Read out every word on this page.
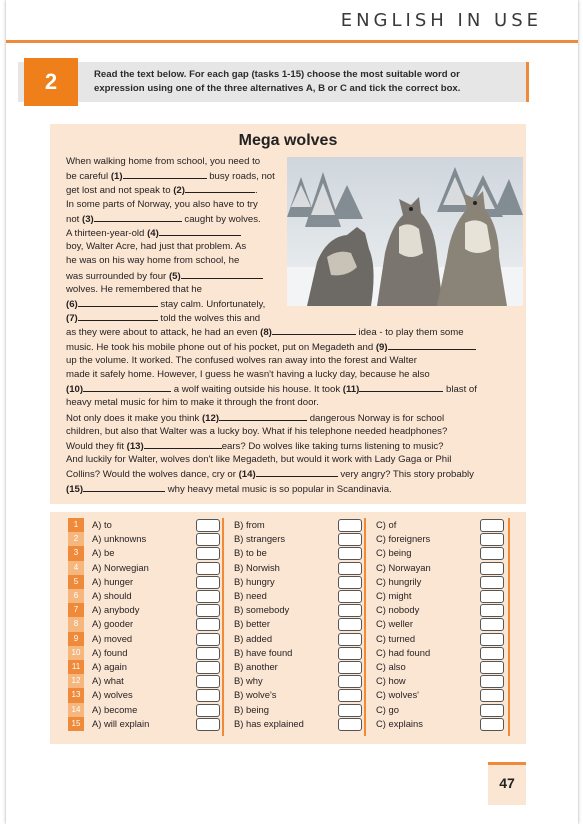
ENGLISH IN USE
2	Read the text below. For each gap (tasks 1-15) choose the most suitable word or
expression using one of the three alternatives A, B or C and tick the correct box.
Mega wolves
When walking home from school, you need to
be careful (1)	busy roads, not
get lost and not speak to (2)	.
In some parts of Norway, you also have to try
not (3)	caught by wolves.
A thirteen-year-old (4)
boy, Walter Acre, had just that problem. As
he was on his way home from school, he
was surrounded by four (5)
wolves. He remembered that he
(6)	stay calm. Unfortunately,
(7)	told the wolves this and
as they were about to attack, he had an even (8)	idea - to play them some
music. He took his mobile phone out of his pocket, put on Megadeth and (9)
up the volume. It worked. The confused wolves ran away into the forest and Walter
made it safely home. However, I guess he wasn't having a lucky day, because he also
(10)	a wolf waiting outside his house. It took (11)	blast of
heavy metal music for him to make it through the front door.
Not only does it make you think (12)	dangerous Norway is for school
children, but also that Walter was a lucky boy. What if his telephone needed headphones?
Would they fit (13)	ears? Do wolves like taking turns listening to music?
And luckily for Walter, wolves don't like Megadeth, but would it work with Lady Gaga or Phil
Collins? Would the wolves dance, cry or (14)	very angry? This story probably
(15)	why heavy metal music is so popular in Scandinavia.
1	A) to	B) from	C) of
2	A) unknowns	B) strangers	C) foreigners
3	A) be	B) to be	C) being
4	A) Norwegian	B) Norwish	C) Norwayan
5	A) hunger	B) hungry	C) hungrily
6	A) should	B) need	C) might
7	A) anybody	B) somebody	C) nobody
8	A) gooder	B) better	C) weller
9	A) moved	B) added	C) turned
10	A) found	B) have found	C) had found
11	A) again	B) another	C) also
12	A) what	B) why	C) how
13	A) wolves	B) wolve's	C) wolves'
14	A) become	B) being	C) go
15	A) will explain	B) has explained	C) explains
47
